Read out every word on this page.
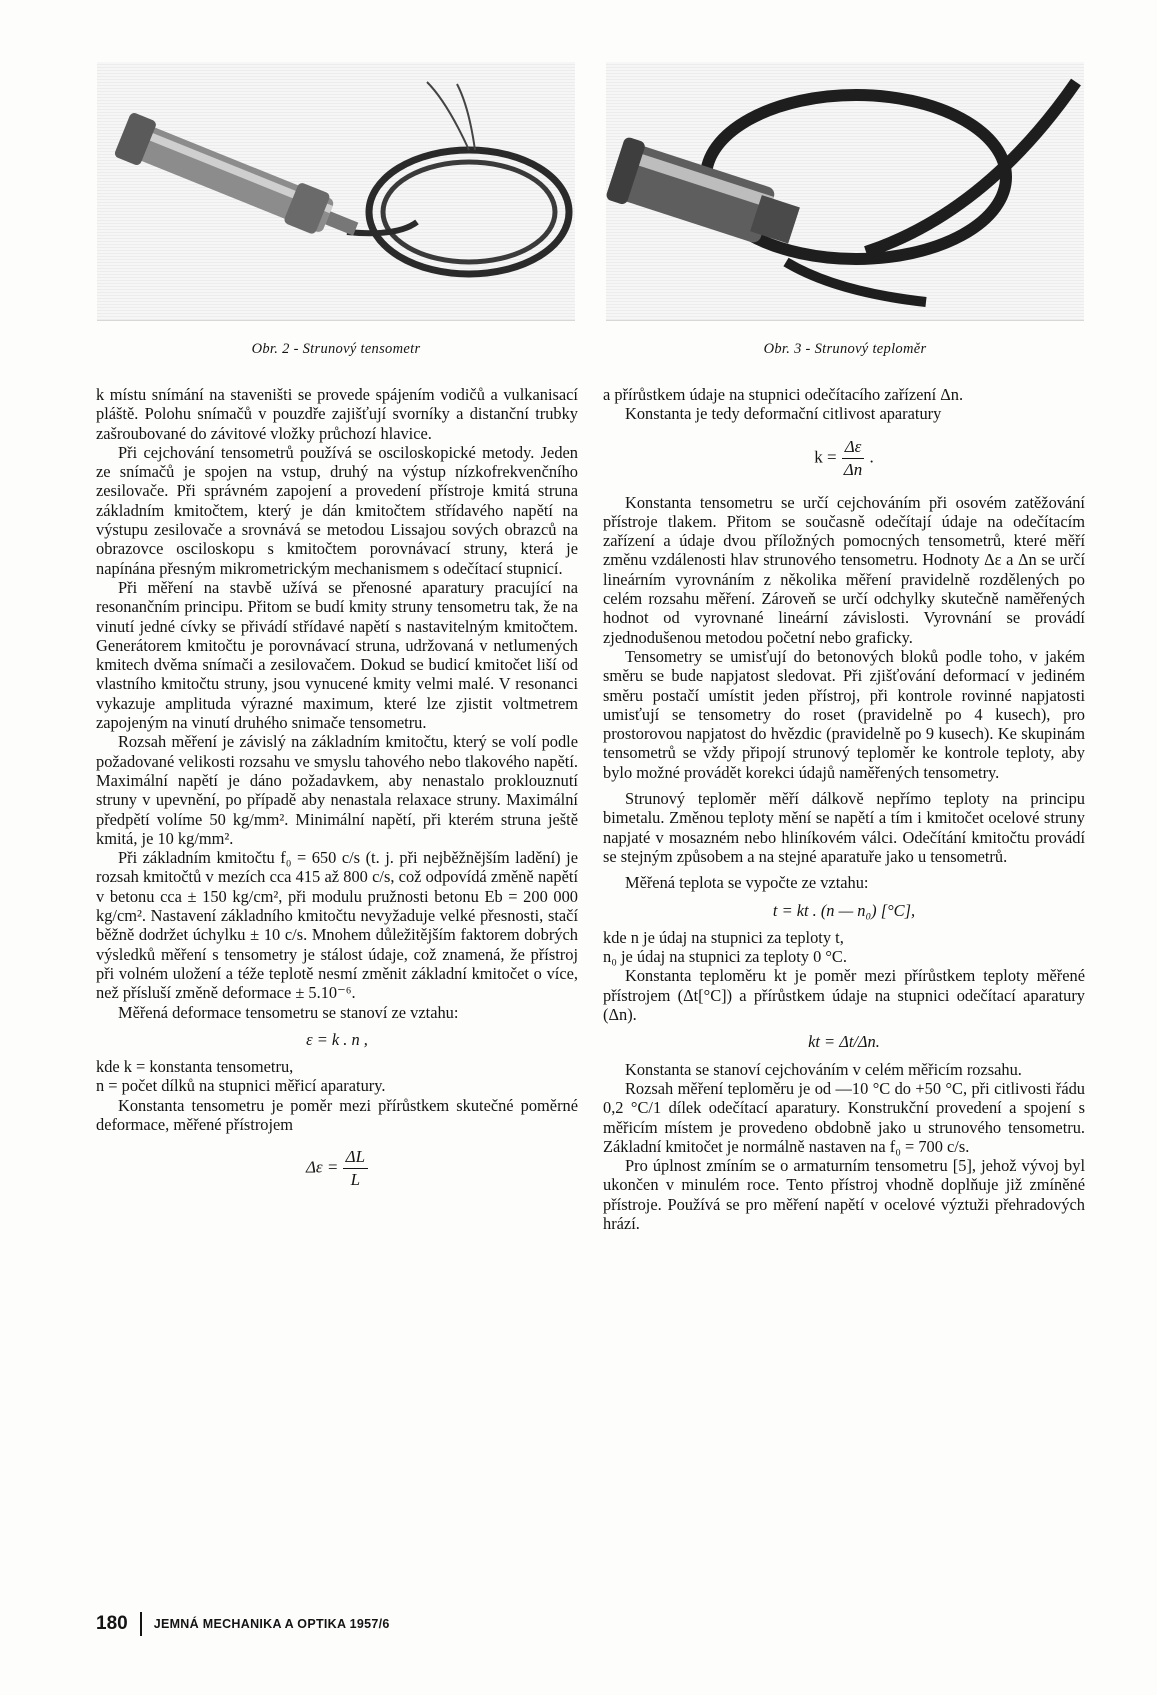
Obr. 2 - Strunový tensometr	Obr. 3 - Strunový teploměr

k místu snímání na staveništi se provede spájením vodičů a vulkanisací pláště. Polohu snímačů v pouzdře zajišťují svorníky a distanční trubky zašroubované do závitové vložky průchozí hlavice.

Při cejchování tensometrů používá se osciloskopické metody. Jeden ze snímačů je spojen na vstup, druhý na výstup nízkofrekvenčního zesilovače. Při správném zapojení a provedení přístroje kmitá struna základním kmitočtem, který je dán kmitočtem střídavého napětí na výstupu zesilovače a srovnává se metodou Lissajou sových obrazců na obrazovce osciloskopu s kmitočtem porovnávací struny, která je napínána přesným mikrometrickým mechanismem s odečítací stupnicí.

Při měření na stavbě užívá se přenosné aparatury pracující na resonančním principu. Přitom se budí kmity struny tensometru tak, že na vinutí jedné cívky se přivádí střídavé napětí s nastavitelným kmitočtem. Generátorem kmitočtu je porovnávací struna, udržovaná v netlumených kmitech dvěma snímači a zesilovačem. Dokud se budicí kmitočet liší od vlastního kmitočtu struny, jsou vynucené kmity velmi malé. V resonanci vykazuje amplituda výrazné maximum, které lze zjistit voltmetrem zapojeným na vinutí druhého snimače tensometru.

Rozsah měření je závislý na základním kmitočtu, který se volí podle požadované velikosti rozsahu ve smyslu tahového nebo tlakového napětí. Maximální napětí je dáno požadavkem, aby nenastalo proklouznutí struny v upevnění, po případě aby nenastala relaxace struny. Maximální předpětí volíme 50 kg/mm². Minimální napětí, při kterém struna ještě kmitá, je 10 kg/mm².

Při základním kmitočtu f₀ = 650 c/s (t. j. při nejběžnějším ladění) je rozsah kmitočtů v mezích cca 415 až 800 c/s, což odpovídá změně napětí v betonu cca ± 150 kg/cm², při modulu pružnosti betonu Eb = 200 000 kg/cm². Nastavení základního kmitočtu nevyžaduje velké přesnosti, stačí běžně dodržet úchylku ± 10 c/s. Mnohem důležitějším faktorem dobrých výsledků měření s tensometry je stálost údaje, což znamená, že přístroj při volném uložení a téže teplotě nesmí změnit základní kmitočet o více, než přísluší změně deformace ± 5.10⁻⁶.

Měřená deformace tensometru se stanoví ze vztahu:

ε = k . n ,

kde k = konstanta tensometru,

n = počet dílků na stupnici měřicí aparatury.

Konstanta tensometru je poměr mezi přírůstkem skutečné poměrné deformace, měřené přístrojem

$\Delta\varepsilon = \frac{\Delta L}{L}$

a přírůstkem údaje na stupnici odečítacího zařízení Δn.

Konstanta je tedy deformační citlivost aparatury

$k = \frac{\Delta\varepsilon}{\Delta n}$ .

Konstanta tensometru se určí cejchováním při osovém zatěžování přístroje tlakem. Přitom se současně odečítají údaje na odečítacím zařízení a údaje dvou příložných pomocných tensometrů, které měří změnu vzdálenosti hlav strunového tensometru. Hodnoty Δε a Δn se určí lineárním vyrovnáním z několika měření pravidelně rozdělených po celém rozsahu měření. Zároveň se určí odchylky skutečně naměřených hodnot od vyrovnané lineární závislosti. Vyrovnání se provádí zjednodušenou metodou početní nebo graficky.

Tensometry se umisťují do betonových bloků podle toho, v jakém směru se bude napjatost sledovat. Při zjišťování deformací v jediném směru postačí umístit jeden přístroj, při kontrole rovinné napjatosti umisťují se tensometry do roset (pravidelně po 4 kusech), pro prostorovou napjatost do hvězdic (pravidelně po 9 kusech). Ke skupinám tensometrů se vždy připojí strunový teploměr ke kontrole teploty, aby bylo možné provádět korekci údajů naměřených tensometry.

Strunový teploměr měří dálkově nepřímo teploty na principu bimetalu. Změnou teploty mění se napětí a tím i kmitočet ocelové struny napjaté v mosazném nebo hliníkovém válci. Odečítání kmitočtu provádí se stejným způsobem a na stejné aparatuře jako u tensometrů.

Měřená teplota se vypočte ze vztahu:

t = kt . (n — n₀) [°C],

kde n je údaj na stupnici za teploty t,

n₀ je údaj na stupnici za teploty 0 °C.

Konstanta teploměru kt je poměr mezi přírůstkem teploty měřené přístrojem (Δt[°C]) a přírůstkem údaje na stupnici odečítací aparatury (Δn).

kt = Δt/Δn.

Konstanta se stanoví cejchováním v celém měřicím rozsahu.

Rozsah měření teploměru je od —10 °C do +50 °C, při citlivosti řádu 0,2 °C/1 dílek odečítací aparatury. Konstrukční provedení a spojení s měřicím místem je provedeno obdobně jako u strunového tensometru. Základní kmitočet je normálně nastaven na f₀ = 700 c/s.

Pro úplnost zmíním se o armaturním tensometru [5], jehož vývoj byl ukončen v minulém roce. Tento přístroj vhodně doplňuje již zmíněné přístroje. Používá se pro měření napětí v ocelové výztuži přehradových hrází.

180 JEMNÁ MECHANIKA A OPTIKA 1957/6
